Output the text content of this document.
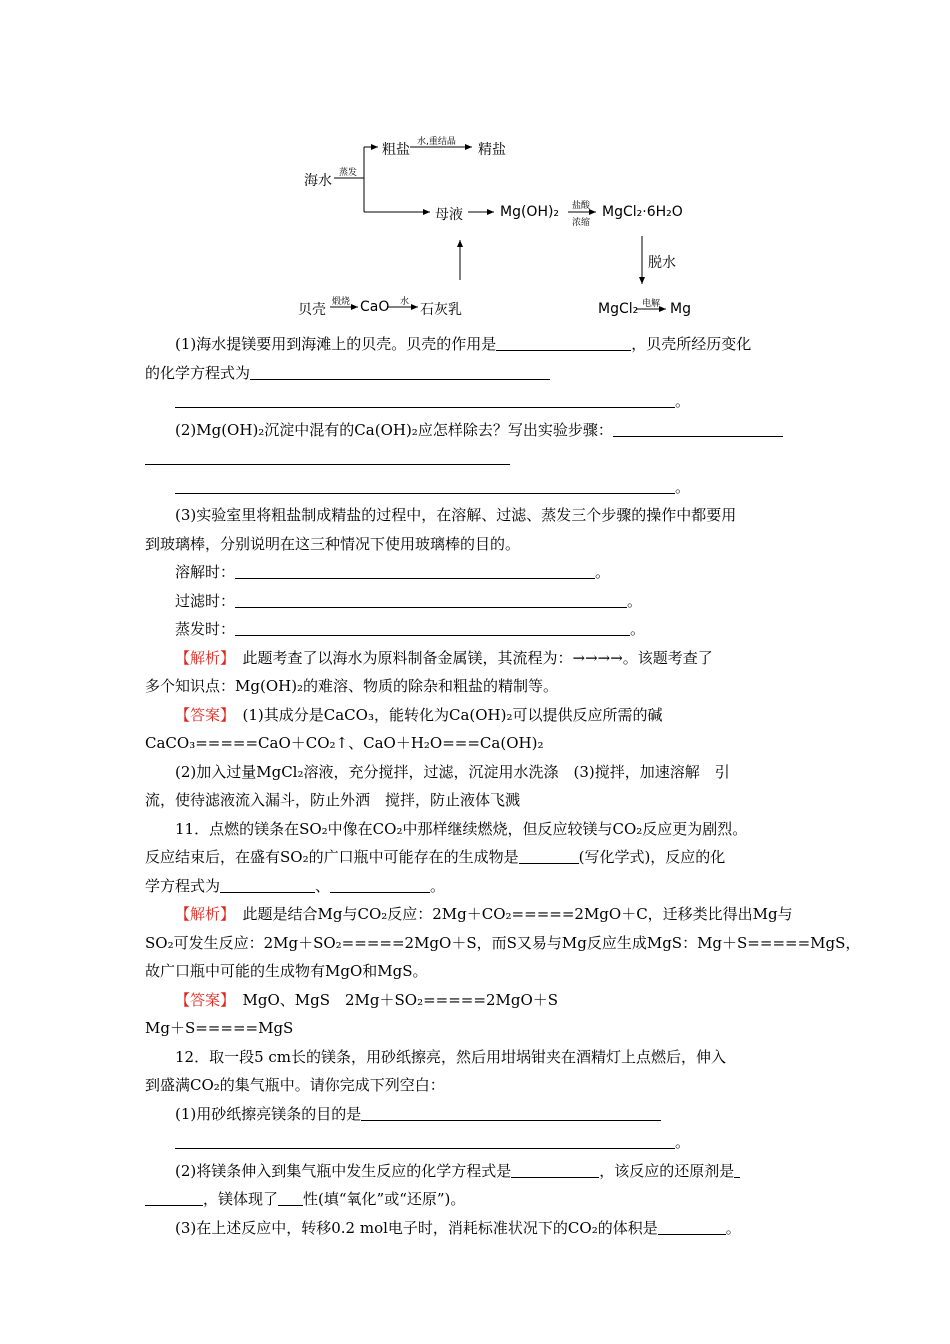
海水 蒸发
粗盐 水,重结晶 精盐
母液	Mg(OH)₂ 盐酸
浓缩
MgCl₂·6H₂O
脱水
贝壳 煅烧 CaO 水 石灰乳	MgCl₂ 电解 Mg
(1)海水提镁要用到海滩上的贝壳。贝壳的作用是	，贝壳所经历变化
的化学方程式为
。
(2)Mg(OH)₂沉淀中混有的Ca(OH)₂应怎样除去？写出实验步骤：
。
(3)实验室里将粗盐制成精盐的过程中，在溶解、过滤、蒸发三个步骤的操作中都要用
到玻璃棒，分别说明在这三种情况下使用玻璃棒的目的。
溶解时：	。
过滤时：	。
蒸发时：	。
【解析】　此题考查了以海水为原料制备金属镁，其流程为：→→→→。该题考查了
多个知识点：Mg(OH)₂的难溶、物质的除杂和粗盐的精制等。
【答案】　(1)其成分是CaCO₃，能转化为Ca(OH)₂可以提供反应所需的碱
CaCO₃=====CaO＋CO₂↑、CaO＋H₂O===Ca(OH)₂
(2)加入过量MgCl₂溶液，充分搅拌，过滤，沉淀用水洗涤　(3)搅拌，加速溶解　引
流，使待滤液流入漏斗，防止外洒　搅拌，防止液体飞溅
11．点燃的镁条在SO₂中像在CO₂中那样继续燃烧，但反应较镁与CO₂反应更为剧烈。
反应结束后，在盛有SO₂的广口瓶中可能存在的生成物是	(写化学式)，反应的化
学方程式为	、	。
【解析】　此题是结合Mg与CO₂反应：2Mg＋CO₂=====2MgO＋C，迁移类比得出Mg与
SO₂可发生反应：2Mg＋SO₂=====2MgO＋S，而S又易与Mg反应生成MgS：Mg＋S=====MgS，
故广口瓶中可能的生成物有MgO和MgS。
【答案】　MgO、MgS　2Mg＋SO₂=====2MgO＋S
Mg＋S=====MgS
12．取一段5 cm长的镁条，用砂纸擦亮，然后用坩埚钳夹在酒精灯上点燃后，伸入
到盛满CO₂的集气瓶中。请你完成下列空白：
(1)用砂纸擦亮镁条的目的是
。
(2)将镁条伸入到集气瓶中发生反应的化学方程式是	，该反应的还原剂是
，镁体现了 性(填“氧化”或“还原”)。
(3)在上述反应中，转移0.2 mol电子时，消耗标准状况下的CO₂的体积是	。
